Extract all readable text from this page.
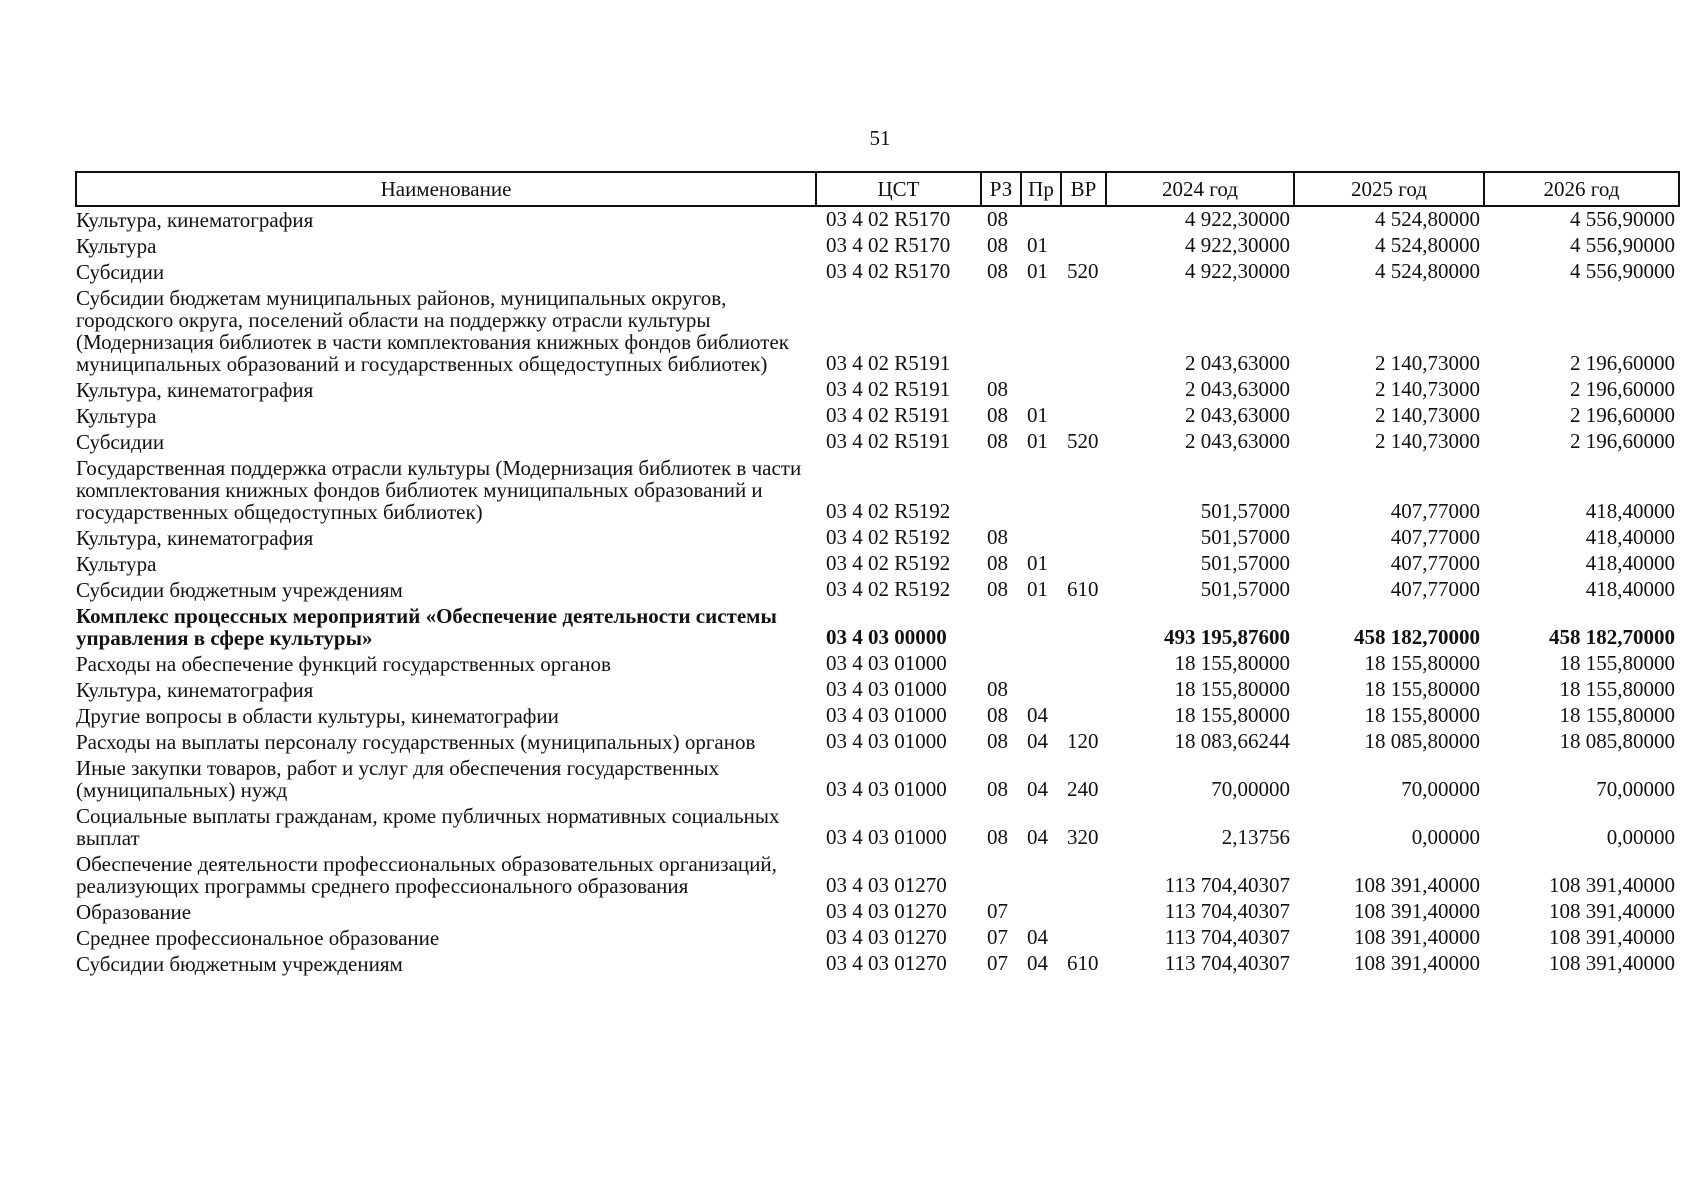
51
Наименование	ЦСТ	РЗ	Пр	ВР	2024 год	2025 год	2026 год
Культура, кинематография	03 4 02 R5170	08			4 922,30000	4 524,80000	4 556,90000
Культура	03 4 02 R5170	08	01		4 922,30000	4 524,80000	4 556,90000
Субсидии	03 4 02 R5170	08	01	520	4 922,30000	4 524,80000	4 556,90000
Субсидии бюджетам муниципальных районов, муниципальных округов, городского округа, поселений области на поддержку отрасли культуры (Модернизация библиотек в части комплектования книжных фондов библиотек муниципальных образований и государственных общедоступных библиотек)	03 4 02 R5191				2 043,63000	2 140,73000	2 196,60000
Культура, кинематография	03 4 02 R5191	08			2 043,63000	2 140,73000	2 196,60000
Культура	03 4 02 R5191	08	01		2 043,63000	2 140,73000	2 196,60000
Субсидии	03 4 02 R5191	08	01	520	2 043,63000	2 140,73000	2 196,60000
Государственная поддержка отрасли культуры (Модернизация библиотек в части комплектования книжных фондов библиотек муниципальных образований и государственных общедоступных библиотек)	03 4 02 R5192				501,57000	407,77000	418,40000
Культура, кинематография	03 4 02 R5192	08			501,57000	407,77000	418,40000
Культура	03 4 02 R5192	08	01		501,57000	407,77000	418,40000
Субсидии бюджетным учреждениям	03 4 02 R5192	08	01	610	501,57000	407,77000	418,40000
Комплекс процессных мероприятий «Обеспечение деятельности системы управления в сфере культуры»	03 4 03 00000				493 195,87600	458 182,70000	458 182,70000
Расходы на обеспечение функций государственных органов	03 4 03 01000				18 155,80000	18 155,80000	18 155,80000
Культура, кинематография	03 4 03 01000	08			18 155,80000	18 155,80000	18 155,80000
Другие вопросы в области культуры, кинематографии	03 4 03 01000	08	04		18 155,80000	18 155,80000	18 155,80000
Расходы на выплаты персоналу государственных (муниципальных) органов	03 4 03 01000	08	04	120	18 083,66244	18 085,80000	18 085,80000
Иные закупки товаров, работ и услуг для обеспечения государственных (муниципальных) нужд	03 4 03 01000	08	04	240	70,00000	70,00000	70,00000
Социальные выплаты гражданам, кроме публичных нормативных социальных выплат	03 4 03 01000	08	04	320	2,13756	0,00000	0,00000
Обеспечение деятельности профессиональных образовательных организаций, реализующих программы среднего профессионального образования	03 4 03 01270				113 704,40307	108 391,40000	108 391,40000
Образование	03 4 03 01270	07			113 704,40307	108 391,40000	108 391,40000
Среднее профессиональное образование	03 4 03 01270	07	04		113 704,40307	108 391,40000	108 391,40000
Субсидии бюджетным учреждениям	03 4 03 01270	07	04	610	113 704,40307	108 391,40000	108 391,40000
